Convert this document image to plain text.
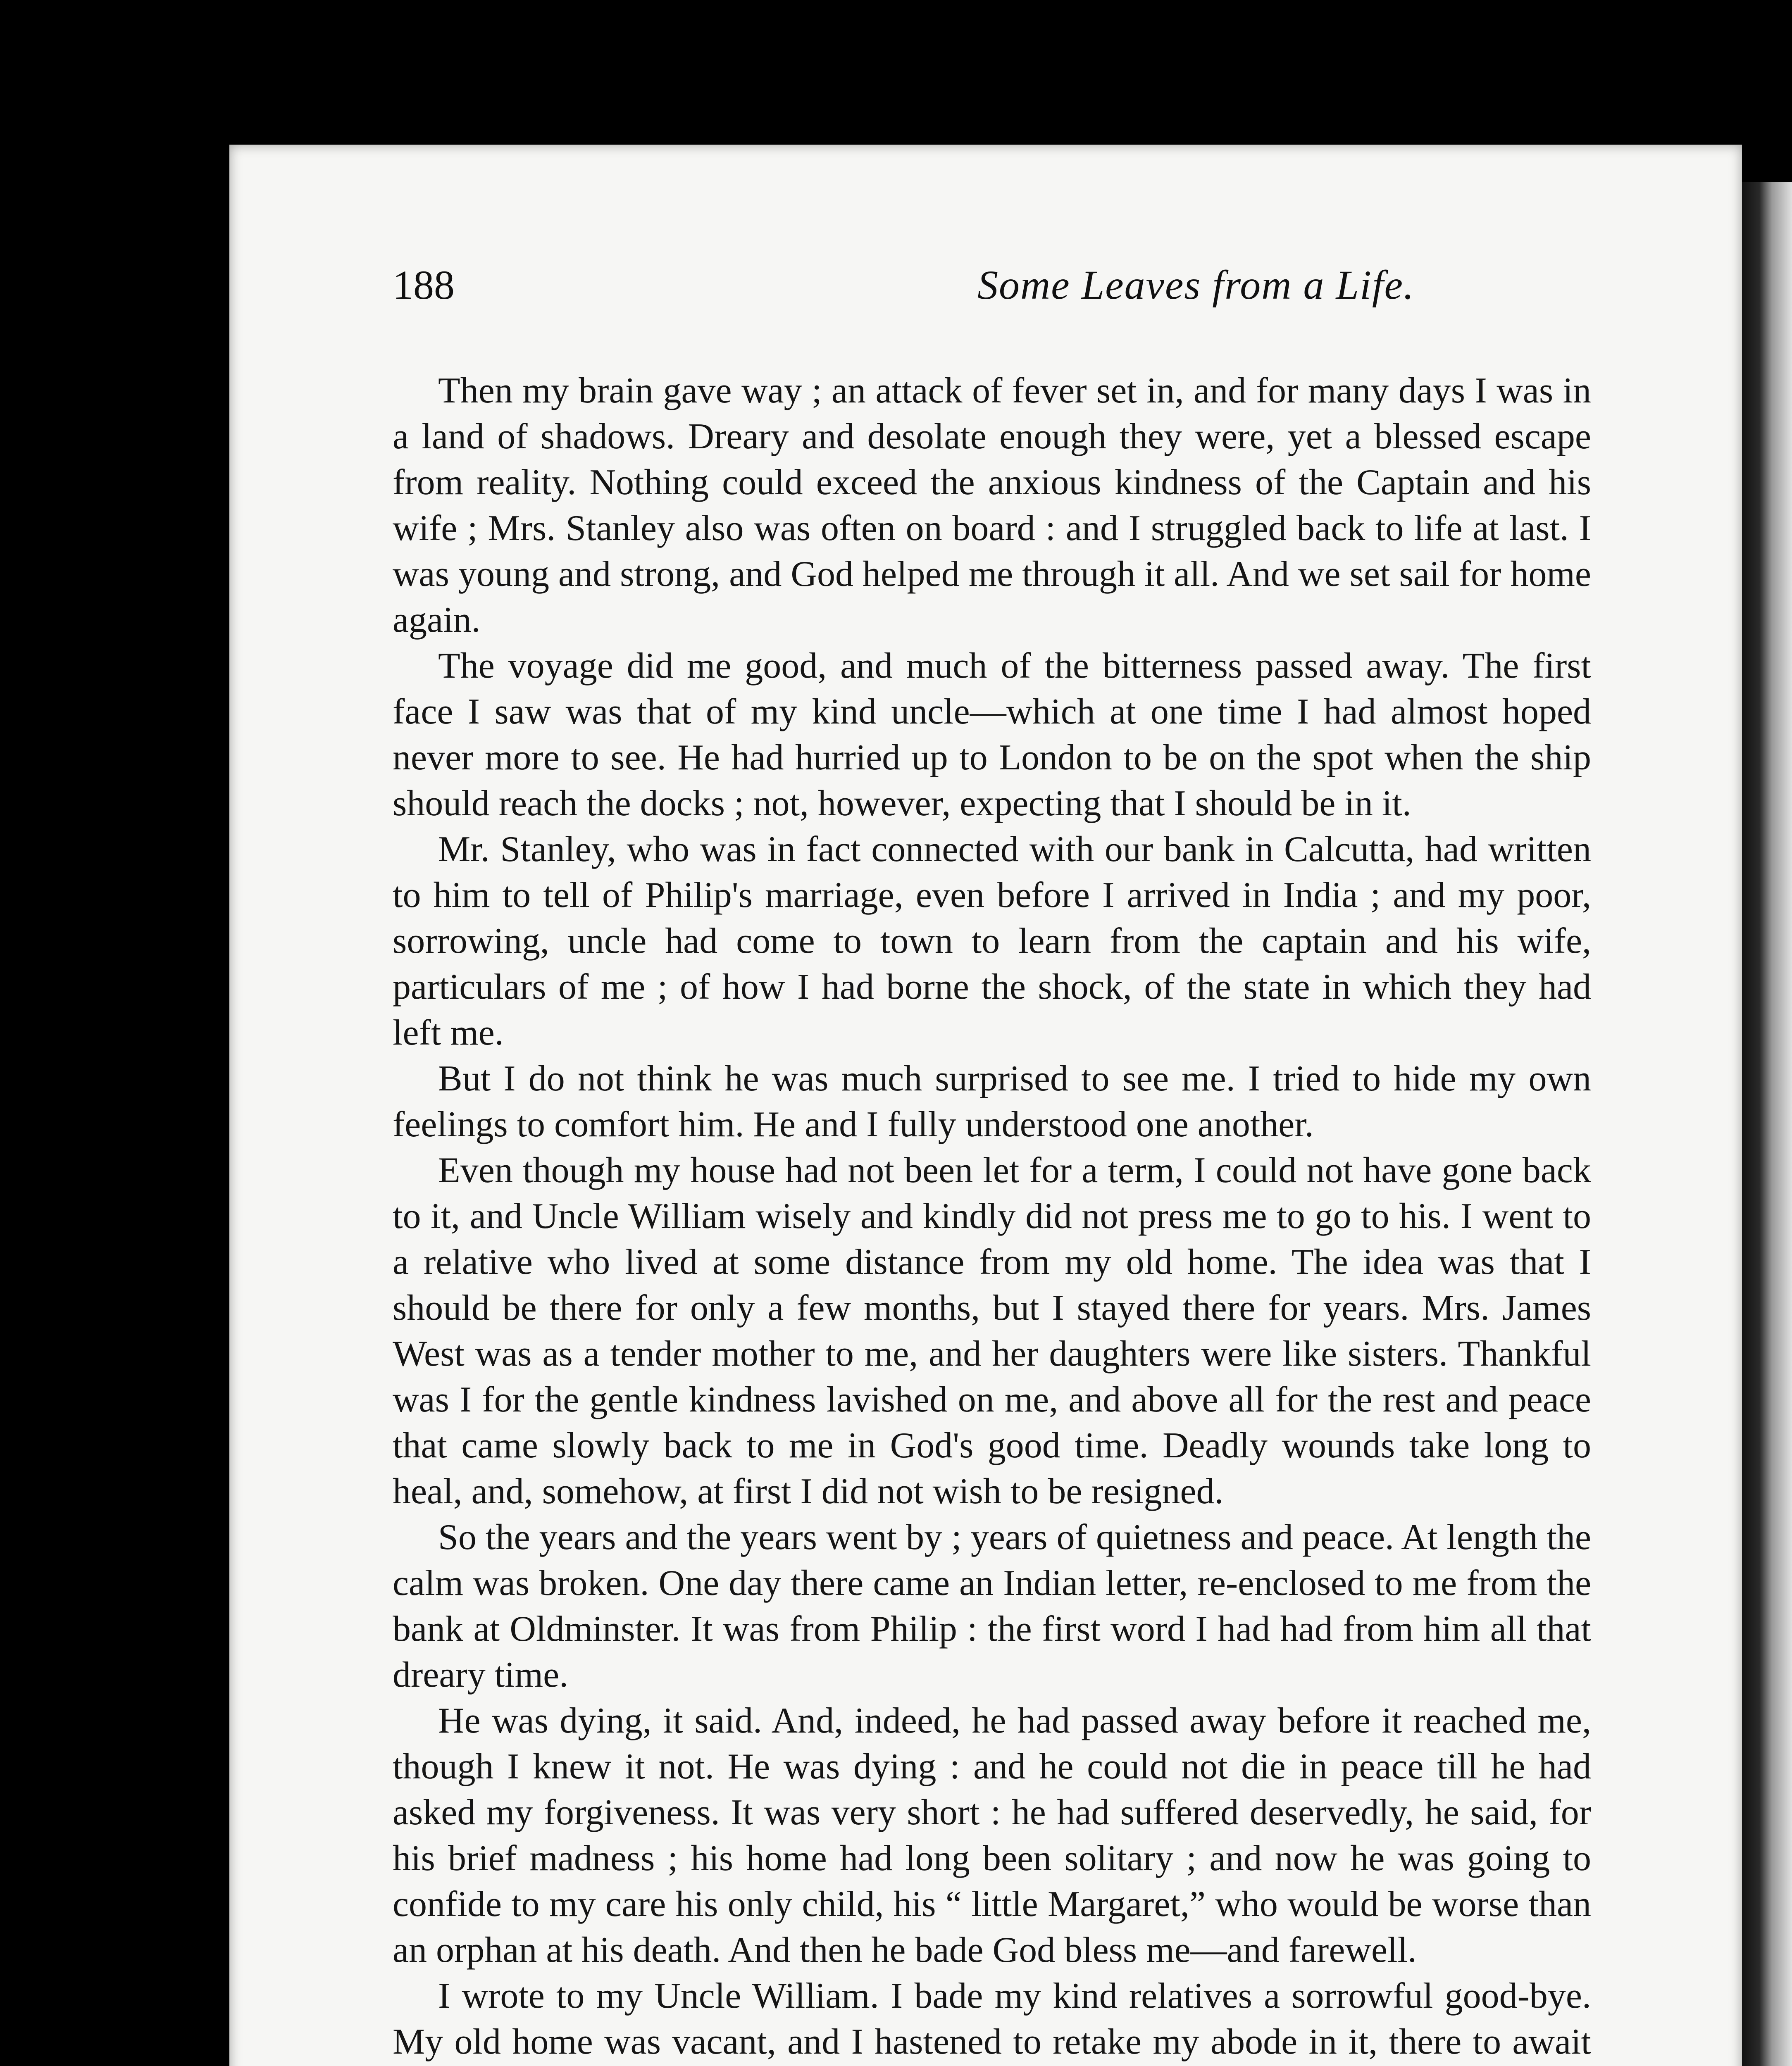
188	Some Leaves from a Life.

Then my brain gave way ; an attack of fever set in, and for many days I was in a land of shadows. Dreary and desolate enough they were, yet a blessed escape from reality. Nothing could exceed the anxious kindness of the Captain and his wife ; Mrs. Stanley also was often on board : and I struggled back to life at last. I was young and strong, and God helped me through it all. And we set sail for home again.

The voyage did me good, and much of the bitterness passed away. The first face I saw was that of my kind uncle—which at one time I had almost hoped never more to see. He had hurried up to London to be on the spot when the ship should reach the docks ; not, however, expecting that I should be in it.

Mr. Stanley, who was in fact connected with our bank in Calcutta, had written to him to tell of Philip's marriage, even before I arrived in India ; and my poor, sorrowing, uncle had come to town to learn from the captain and his wife, particulars of me ; of how I had borne the shock, of the state in which they had left me.

But I do not think he was much surprised to see me. I tried to hide my own feelings to comfort him. He and I fully understood one another.

Even though my house had not been let for a term, I could not have gone back to it, and Uncle William wisely and kindly did not press me to go to his. I went to a relative who lived at some distance from my old home. The idea was that I should be there for only a few months, but I stayed there for years. Mrs. James West was as a tender mother to me, and her daughters were like sisters. Thankful was I for the gentle kindness lavished on me, and above all for the rest and peace that came slowly back to me in God's good time. Deadly wounds take long to heal, and, somehow, at first I did not wish to be resigned.

So the years and the years went by ; years of quietness and peace. At length the calm was broken. One day there came an Indian letter, re-enclosed to me from the bank at Oldminster. It was from Philip : the first word I had had from him all that dreary time.

He was dying, it said. And, indeed, he had passed away before it reached me, though I knew it not. He was dying : and he could not die in peace till he had asked my forgiveness. It was very short : he had suffered deservedly, he said, for his brief madness ; his home had long been solitary ; and now he was going to confide to my care his only child, his “ little Margaret,” who would be worse than an orphan at his death. And then he bade God bless me—and farewell.

I wrote to my Uncle William. I bade my kind relatives a sorrowful good-bye. My old home was vacant, and I hastened to retake my abode in it, there to await
